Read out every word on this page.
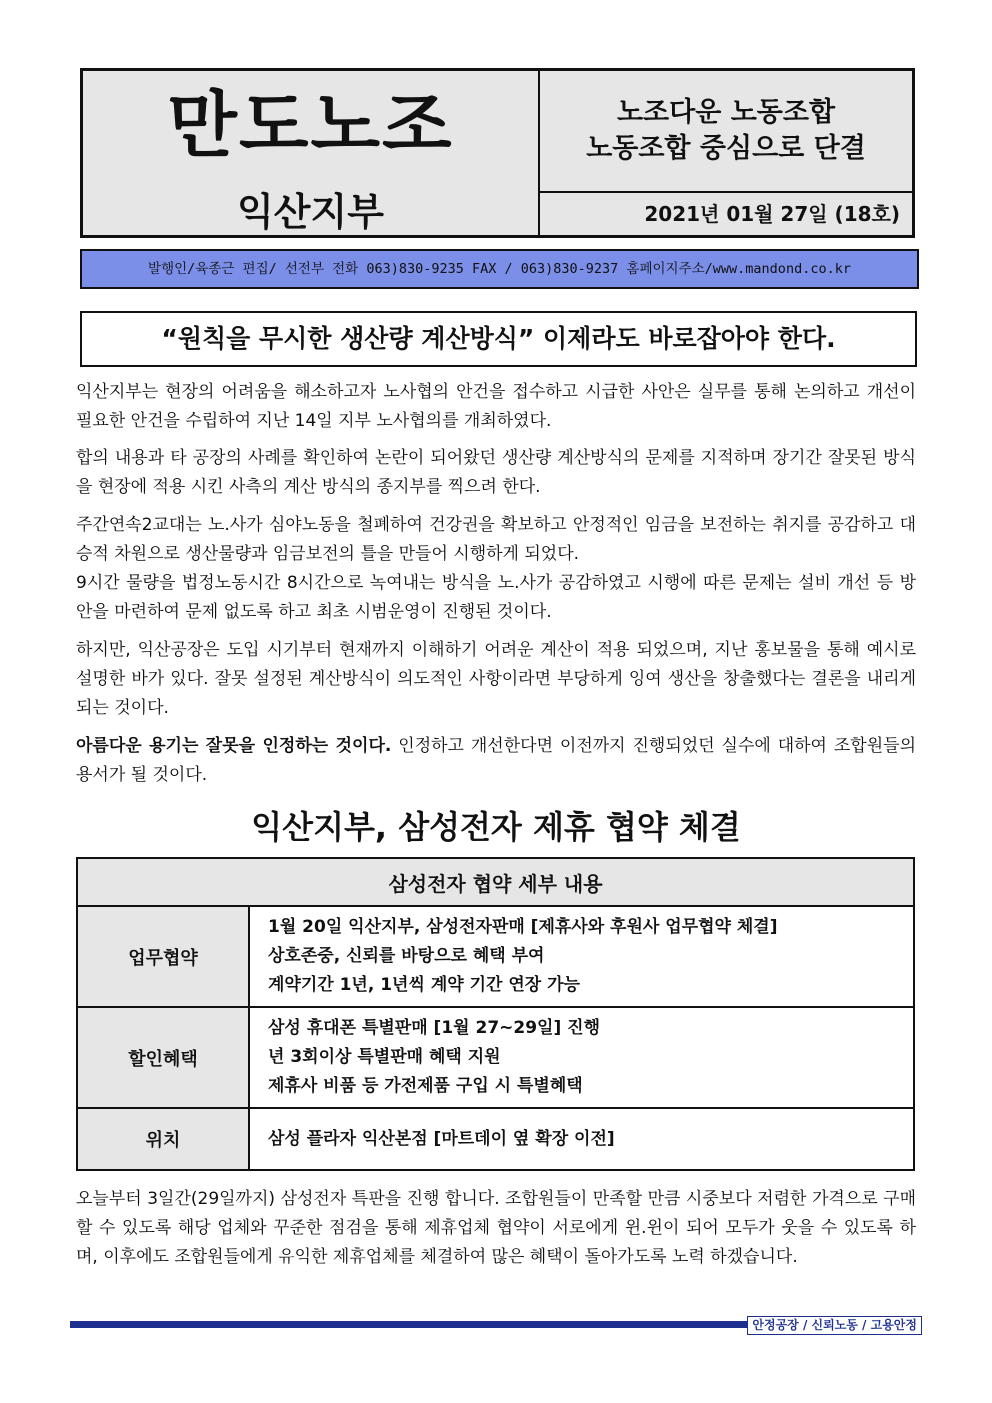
만도노조
익산지부
노조다운 노동조합
노동조합 중심으로 단결
2021년 01월 27일 (18호)
발행인/육종근 편집/ 선전부 전화 063)830-9235 FAX / 063)830-9237 홈페이지주소/www.mandond.co.kr
“원칙을 무시한 생산량 계산방식” 이제라도 바로잡아야 한다.
익산지부는 현장의 어려움을 해소하고자 노사협의 안건을 접수하고 시급한 사안은 실무를 통해 논의하고 개선이 필요한 안건을 수립하여 지난 14일 지부 노사협의를 개최하였다.
합의 내용과 타 공장의 사례를 확인하여 논란이 되어왔던 생산량 계산방식의 문제를 지적하며 장기간 잘못된 방식을 현장에 적용 시킨 사측의 계산 방식의 종지부를 찍으려 한다.
주간연속2교대는 노.사가 심야노동을 철폐하여 건강권을 확보하고 안정적인 임금을 보전하는 취지를 공감하고 대승적 차원으로 생산물량과 임금보전의 틀을 만들어 시행하게 되었다.
9시간 물량을 법정노동시간 8시간으로 녹여내는 방식을 노.사가 공감하였고 시행에 따른 문제는 설비 개선 등 방안을 마련하여 문제 없도록 하고 최초 시범운영이 진행된 것이다.
하지만, 익산공장은 도입 시기부터 현재까지 이해하기 어려운 계산이 적용 되었으며, 지난 홍보물을 통해 예시로 설명한 바가 있다. 잘못 설정된 계산방식이 의도적인 사항이라면 부당하게 잉여 생산을 창출했다는 결론을 내리게 되는 것이다.
아름다운 용기는 잘못을 인정하는 것이다. 인정하고 개선한다면 이전까지 진행되었던 실수에 대하여 조합원들의 용서가 될 것이다.
익산지부, 삼성전자 제휴 협약 체결
삼성전자 협약 세부 내용	
업무협약	1월 20일 익산지부, 삼성전자판매 [제휴사와 후원사 업무협약 체결]
상호존중, 신뢰를 바탕으로 혜택 부여
계약기간 1년, 1년씩 계약 기간 연장 가능

할인혜택	삼성 휴대폰 특별판매 [1월 27~29일] 진행
년 3회이상 특별판매 혜택 지원
제휴사 비품 등 가전제품 구입 시 특별혜택

위치	삼성 플라자 익산본점 [마트데이 옆 확장 이전]
오늘부터 3일간(29일까지) 삼성전자 특판을 진행 합니다. 조합원들이 만족할 만큼 시중보다 저렴한 가격으로 구매할 수 있도록 해당 업체와 꾸준한 점검을 통해 제휴업체 협약이 서로에게 윈.윈이 되어 모두가 웃을 수 있도록 하며, 이후에도 조합원들에게 유익한 제휴업체를 체결하여 많은 혜택이 돌아가도록 노력 하겠습니다.
안정공장 / 신뢰노동 / 고용안정
